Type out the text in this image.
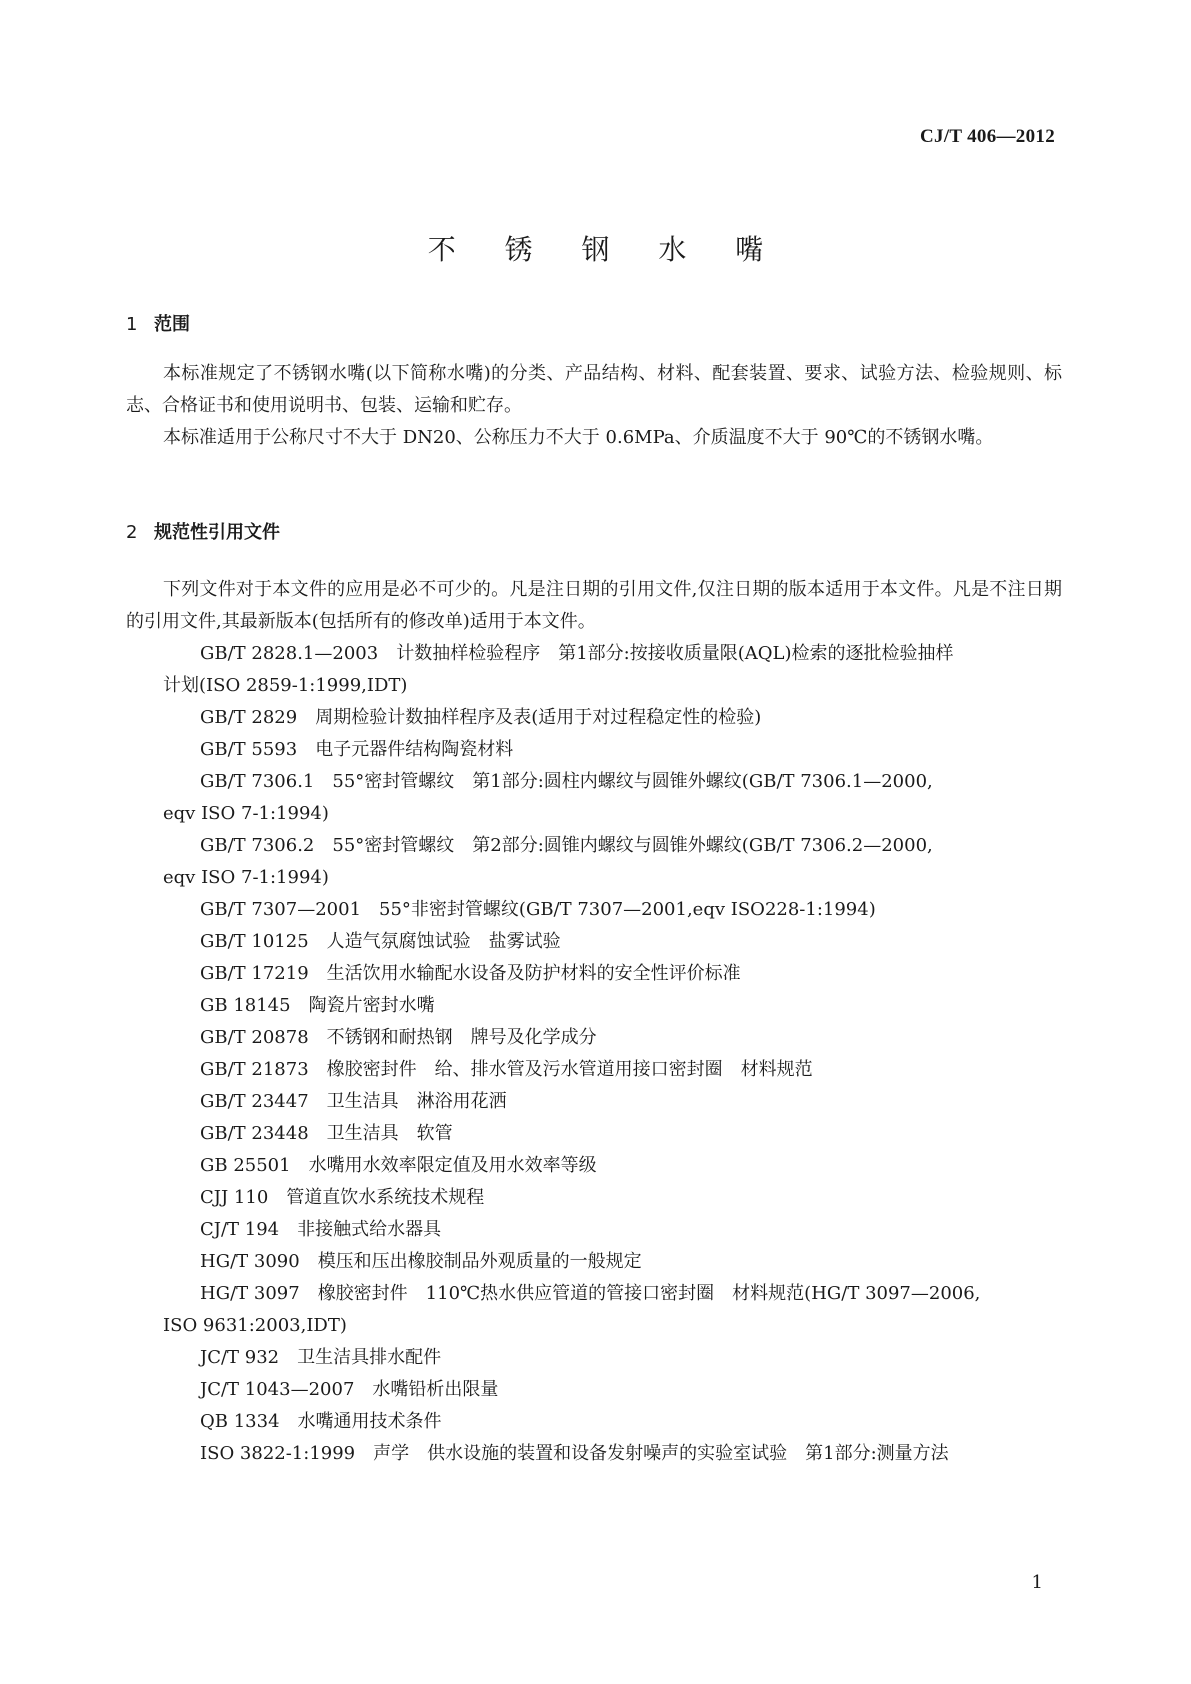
CJ/T 406—2012
不 锈 钢 水 嘴
1 范围

本标准规定了不锈钢水嘴(以下简称水嘴)的分类、产品结构、材料、配套装置、要求、试验方法、检验规则、标志、合格证书和使用说明书、包装、运输和贮存。

本标准适用于公称尺寸不大于 DN20、公称压力不大于 0.6MPa、介质温度不大于 90℃的不锈钢水嘴。

2 规范性引用文件

下列文件对于本文件的应用是必不可少的。凡是注日期的引用文件,仅注日期的版本适用于本文件。凡是不注日期的引用文件,其最新版本(包括所有的修改单)适用于本文件。

GB/T 2828.1—2003 计数抽样检验程序　第1部分:按接收质量限(AQL)检索的逐批检验抽样
计划(ISO 2859-1:1999,IDT)

GB/T 2829 周期检验计数抽样程序及表(适用于对过程稳定性的检验)

GB/T 5593 电子元器件结构陶瓷材料

GB/T 7306.1 55°密封管螺纹　第1部分:圆柱内螺纹与圆锥外螺纹(GB/T 7306.1—2000,
eqv ISO 7-1:1994)

GB/T 7306.2 55°密封管螺纹　第2部分:圆锥内螺纹与圆锥外螺纹(GB/T 7306.2—2000,
eqv ISO 7-1:1994)

GB/T 7307—2001 55°非密封管螺纹(GB/T 7307—2001,eqv ISO228-1:1994)

GB/T 10125 人造气氛腐蚀试验　盐雾试验

GB/T 17219 生活饮用水输配水设备及防护材料的安全性评价标准

GB 18145 陶瓷片密封水嘴

GB/T 20878 不锈钢和耐热钢　牌号及化学成分

GB/T 21873 橡胶密封件　给、排水管及污水管道用接口密封圈　材料规范

GB/T 23447 卫生洁具　淋浴用花洒

GB/T 23448 卫生洁具　软管

GB 25501 水嘴用水效率限定值及用水效率等级

CJJ 110 管道直饮水系统技术规程

CJ/T 194 非接触式给水器具

HG/T 3090 模压和压出橡胶制品外观质量的一般规定

HG/T 3097 橡胶密封件　110℃热水供应管道的管接口密封圈　材料规范(HG/T 3097—2006,
ISO 9631:2003,IDT)

JC/T 932 卫生洁具排水配件

JC/T 1043—2007 水嘴铅析出限量

QB 1334 水嘴通用技术条件

ISO 3822-1:1999 声学　供水设施的装置和设备发射噪声的实验室试验　第1部分:测量方法

1
